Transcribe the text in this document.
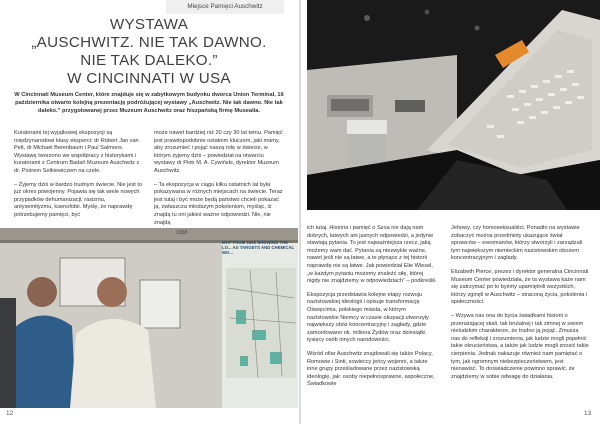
Miejsce Pamięci Auschwitz
WYSTAWA
„AUSCHWITZ. NIE TAK DAWNO.
NIE TAK DALEKO.”
W CINCINNATI W USA
W Cincinnati Museum Center, które znajduje się w zabytkowym budynku dworca Union Terminal, 16 października otwarto kolejną prezentację podróżującej wystawy „Auschwitz. Nie tak dawno. Nie tak daleko.” przygotowanej przez Muzeum Auschwitz oraz hiszpańską firmę Musealia.

Kuratorami tej wyjątkowej ekspozycji są międzynarodowi klasy eksperci: dr Robert Jan van Pelt, dr Michael Berenbaum i Paul Salmons. Wystawę tworzono we współpracy z historykami i kuratorami z Centrum Badań Muzeum Auschwitz z dr. Piotrem Setkiewiczem na czele.

– Żyjemy dziś w bardzo trudnym świecie. Nie jest to już okres powojenny. Pojawia się tak wiele nowych przypadków dehumanizacji, rasizmu, antysemityzmu, ksenofobii. Myślę, że naprawdę potrzebujemy pamięci, być

może nawet bardziej niż 20 czy 30 lat temu. Pamięć jest prawdopodobnie ostatnim kluczem, jaki mamy, aby zrozumieć i pojąć naszą rolę w świecie, w którym żyjemy dziś – powiedział na otwarciu wystawy dr Piotr M. A. Cywiński, dyrektor Muzeum Auschwitz.

– Ta ekspozycja w ciągu kilku ostatnich lat była pokazywana w różnych miejscach na świecie. Teraz jest tutaj i być może będą państwo chcieli pokazać ją, zwłaszcza młodszym pokoleniom, myśląc, iż znajdą tu oni jakieś ważne odpowiedzi. Nie, nie znajdą

MAP FROM 1900 SHOWING THE LO... AS TARGETS AND CHEMICAL WO...
1938

ich tutaj. Historia i pamięć o Szoa nie dają nam dobrych, łatwych ani jasnych odpowiedzi, a jedynie stawiają pytania. To jest najważniejsza rzecz, jaką możemy wam dać. Pytania są niezwykle ważne, nawet jeśli nie są łatwe, a te płynące z tej historii naprawdę nie są łatwe. Jak powiedział Elie Wiesel, „w każdym pytaniu możemy znaleźć siłę, której nigdy nie znajdziemy w odpowiedziach” – podkreślił.

Ekspozycja przedstawia kolejne etapy rozwoju nazistowskiej ideologii i opisuje transformację Oświęcimia, polskiego miasta, w którym nazistowskie Niemcy w czasie okupacji utworzyły największy obóz koncentracyjny i zagłady, gdzie zamordowano ok. miliona Żydów oraz dziesiątki tysięcy osób innych narodowości.

Wśród ofiar Auschwitz znajdowali się także Polacy, Romowie i Sinti, sowieccy jeńcy wojenni, a także inne grupy prześladowane przez nazistowską ideologię, jak: osoby niepełnosprawne, aspołeczne, Świadkowie

Jehowy, czy homoseksualiści. Ponadto na wystawie zobaczyć można przedmioty ukazujące świat sprawców – esesmanów, którzy stworzyli i zarządzali tym największym niemieckim nazistowskim obozem koncentracyjnym i zagłady.

Elizabeth Pierce, prezes i dyrektor generalna Cincinnati Museum Center powiedziała, że ta wystawa każe nam się zatrzymać po to byśmy upamiętnili wszystkich, którzy zginęli w Auschwitz – straconą życia, pokolenia i społeczności.

– Wzywa nas ona do bycia świadkami historii o przerażającej skali, tak brutalnej i tak zimnej w swoim nieludzkim charakterze, że trudno ją pojąć. Zmusza nas do refleksji i zrozumienia, jak ludzie mogli popełnić takie okrucieństwa, a także jak ludzie mogli znosić takie cierpienia. Jednak nakazuje również nam pamiętać o tym, jak ogromnym niebezpieczeństwem, jest nienawiść. To doświadczenie powinno sprawić, że znajdziemy w sobie odwagę do działania.

12	13
